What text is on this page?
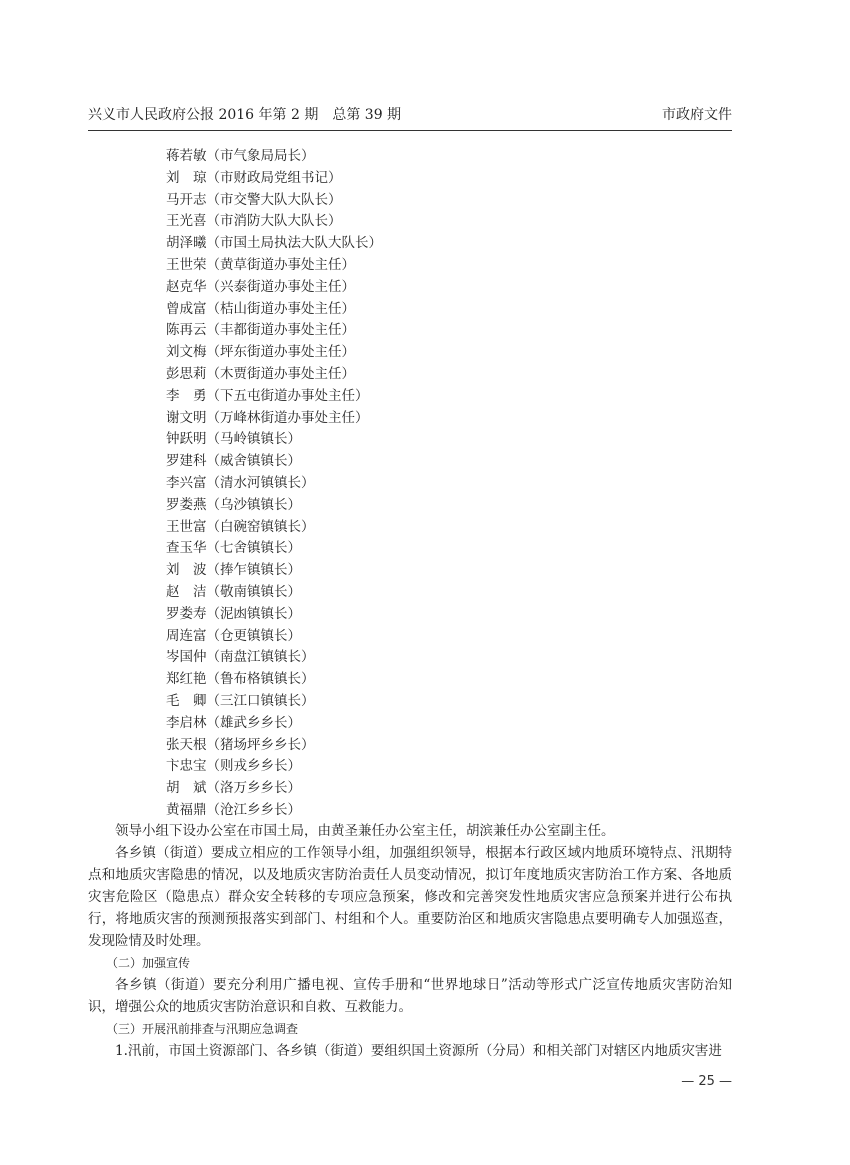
兴义市人民政府公报 2016 年第 2 期　总第 39 期	市政府文件
蒋若敏（市气象局局长）
刘　琼（市财政局党组书记）
马开志（市交警大队大队长）
王光喜（市消防大队大队长）
胡泽曦（市国土局执法大队大队长）
王世荣（黄草街道办事处主任）
赵克华（兴泰街道办事处主任）
曾成富（桔山街道办事处主任）
陈再云（丰都街道办事处主任）
刘文梅（坪东街道办事处主任）
彭思莉（木贾街道办事处主任）
李　勇（下五屯街道办事处主任）
谢文明（万峰林街道办事处主任）
钟跃明（马岭镇镇长）
罗建科（威舍镇镇长）
李兴富（清水河镇镇长）
罗娄燕（乌沙镇镇长）
王世富（白碗窑镇镇长）
查玉华（七舍镇镇长）
刘　波（捧乍镇镇长）
赵　洁（敬南镇镇长）
罗娄寿（泥凼镇镇长）
周连富（仓更镇镇长）
岑国仲（南盘江镇镇长）
郑红艳（鲁布格镇镇长）
毛　卿（三江口镇镇长）
李启林（雄武乡乡长）
张天根（猪场坪乡乡长）
卞忠宝（则戎乡乡长）
胡　斌（洛万乡乡长）
黄福鼎（沧江乡乡长）

领导小组下设办公室在市国土局，由黄圣兼任办公室主任，胡滨兼任办公室副主任。

各乡镇（街道）要成立相应的工作领导小组，加强组织领导，根据本行政区域内地质环境特点、汛期特点和地质灾害隐患的情况，以及地质灾害防治责任人员变动情况，拟订年度地质灾害防治工作方案、各地质灾害危险区（隐患点）群众安全转移的专项应急预案，修改和完善突发性地质灾害应急预案并进行公布执行，将地质灾害的预测预报落实到部门、村组和个人。重要防治区和地质灾害隐患点要明确专人加强巡查，发现险情及时处理。

（二）加强宣传

各乡镇（街道）要充分利用广播电视、宣传手册和“世界地球日”活动等形式广泛宣传地质灾害防治知识，增强公众的地质灾害防治意识和自救、互救能力。

（三）开展汛前排查与汛期应急调查

1.汛前，市国土资源部门、各乡镇（街道）要组织国土资源所（分局）和相关部门对辖区内地质灾害进

— 25 —
